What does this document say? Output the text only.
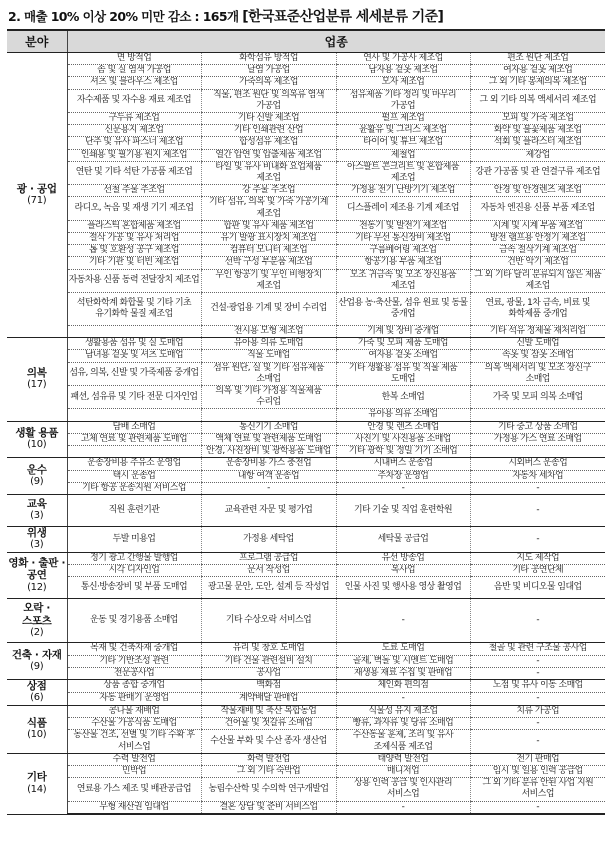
2. 매출 10% 이상 20% 미만 감소 : 165개 [한국표준산업분류 세세분류 기준]
분야	업종			

광 · 공업
(71)	면 방적업	화학섬유 방적업	연사 및 가공사 제조업	편조 원단 제조업
	솜 및 실 염색 가공업	날염 가공업	남자용 겉옷 제조업	여자용 겉옷 제조업
	셔츠 및 블라우스 제조업	가죽의복 제조업	모자 제조업	그 외 기타 봉제의복 제조업
	자수제품 및 자수용 재료 제조업	직물, 편조 원단 및 의복류 염색 가공업	섬유제품 기타 정리 및 마무리 가공업	그 외 기타 의복 액세서리 제조업
	구두류 제조업	기타 신발 제조업	펄프 제조업	모피 및 가죽 제조업
	신문용지 제조업	기타 인쇄관련 산업	윤활유 및 그리스 제조업	화약 및 불꽃제품 제조업
	단추 및 유사 파스너 제조업	합성섬유 제조업	타이어 및 튜브 제조업	석회 및 플라스터 제조업
	인쇄용 및 필기용 원지 제조업	열간 압연 및 압출제품 제조업	제철업	제강업
	연탄 및 기타 석탄 가공품 제조업	타일 및 유사 비내화 요업제품 제조업	아스팔트 콘크리트 및 혼합제품 제조업	강관 가공품 및 관 연결구류 제조업
	선철 주물 주조업	강 주물 주조업	가정용 전기 난방기기 제조업	안경 및 안경렌즈 제조업
	라디오, 녹음 및 재생 기기 제조업	기타 섬유, 의복 및 가죽 가공기계 제조업	디스플레이 제조용 기계 제조업	자동차 엔진용 신품 부품 제조업
	플라스틱 혼합제품 제조업	합판 및 유사 제품 제조업	전동기 및 발전기 제조업	시계 및 시계 부품 제조업
	절삭 가공 및 유사 처리업	유기 발광 표시장치 제조업	기타 무선 통신장비 제조업	방전 램프용 안정기 제조업
	톱 및 호환성 공구 제조업	컴퓨터 모니터 제조업	구름베어링 제조업	금속 절삭기계 제조업
	기타 기관 및 터빈 제조업	선박 구성 부분품 제조업	항공기용 부품 제조업	건반 악기 제조업
	자동차용 신품 동력 전달장치 제조업	무인 항공기 및 무인 비행장치 제조업	모조 귀금속 및 모조 장신용품 제조업	그 외 기타 달리 분류되지 않은 제품 제조업
	석탄화학계 화합물 및 기타 기초 유기화학 물질 제조업	건설·광업용 기계 및 장비 수리업	산업용 농·축산물, 섬유 원료 및 동물 중개업	연료, 광물, 1차 금속, 비료 및 화학제품 중개업
		전시용 모형 제조업	기계 및 장비 중개업	기타 석유 정제물 재처리업

의복
(17)	생활용품 섬유 및 실 도매업	유아용 의류 도매업	가죽 및 모피 제품 도매업	신발 도매업
	남녀용 겉옷 및 셔츠 도매업	직물 도매업	여자용 겉옷 소매업	속옷 및 잠옷 소매업
	섬유, 의복, 신발 및 가죽제품 중개업	섬유 원단, 실 및 기타 섬유제품 소매업	기타 생활용 섬유 및 직물 제품 도매업	의복 액세서리 및 모조 장신구 소매업
	패션, 섬유류 및 기타 전문 디자인업	의복 및 기타 가정용 직물제품 수리업	한복 소매업	가죽 및 모피 의복 소매업
			유아용 의류 소매업	

생활 용품
(10)	담배 소매업	통신기기 소매업	안경 및 렌즈 소매업	기타 중고 상품 소매업
	고체 연료 및 관련제품 도매업	액체 연료 및 관련제품 도매업	사진기 및 사진용품 소매업	가정용 가스 연료 소매업
		안경, 사진장비 및 광학용품 도매업	기타 광학 및 정밀 기기 소매업	

운수
(9)	운송장비용 주유소 운영업	운송장비용 가스 충전업	시내버스 운송업	시외버스 운송업
	택시 운송업	내항 여객 운송업	주차장 운영업	자동차 세차업
	기타 항공 운송지원 서비스업	-	-	-

교육
(3)	직원 훈련기관	교육관련 자문 및 평가업	기타 기술 및 직업 훈련학원	-

위생
(3)	두발 미용업	가정용 세탁업	세탁물 공급업	-

영화 · 출판 · 공연
(12)	정기 광고 간행물 발행업	프로그램 공급업	유선 방송업	지도 제작업
	시각 디자인업	문서 작성업	복사업	기타 공연단체
	통신·방송장비 및 부품 도매업	광고물 문안, 도안, 설계 등 작성업	인물 사진 및 행사용 영상 촬영업	음반 및 비디오물 임대업

오락 · 스포츠
(2)	운동 및 경기용품 소매업	기타 수상오락 서비스업	-	-

건축 · 자재
(9)	목재 및 건축자재 중개업	유리 및 창호 도매업	도료 도매업	철골 및 관련 구조물 공사업
	기타 기반조성 관련	기타 건물 관련설비 설치	골재, 벽돌 및 시멘트 도매업	-
	전문공사업	공사업	재생용 재료 수집 및 판매업	-

상점
(6)	상품 종합 중개업	백화점	체인화 편의점	노점 및 유사 이동 소매업
	자동 판매기 운영업	계약배달 판매업	-	-

식품
(10)	콩나물 재배업	작물재배 및 축산 복합농업	식물성 유지 제조업	치류 가공업
	수산물 가공식품 도매업	건어물 및 젓갈류 소매업	빵류, 과자류 및 당류 소매업	-
	농산물 건조, 선별 및 기타 수확 후 서비스업	수산물 부화 및 수산 종자 생산업	수산동물 훈제, 조리 및 유사 조제식품 제조업	-

기타
(14)	수력 발전업	화력 발전업	태양력 발전업	전기 판매업
	민박업	그 외 기타 숙박업	매니저업	임시 및 일용 인력 공급업
	연료용 가스 제조 및 배관공급업	농림수산학 및 수의학 연구개발업	상용 인력 공급 및 인사관리 서비스업	그 외 기타 분류 안된 사업 지원 서비스업
	무형 재산권 임대업	결혼 상담 및 준비 서비스업	-	-
